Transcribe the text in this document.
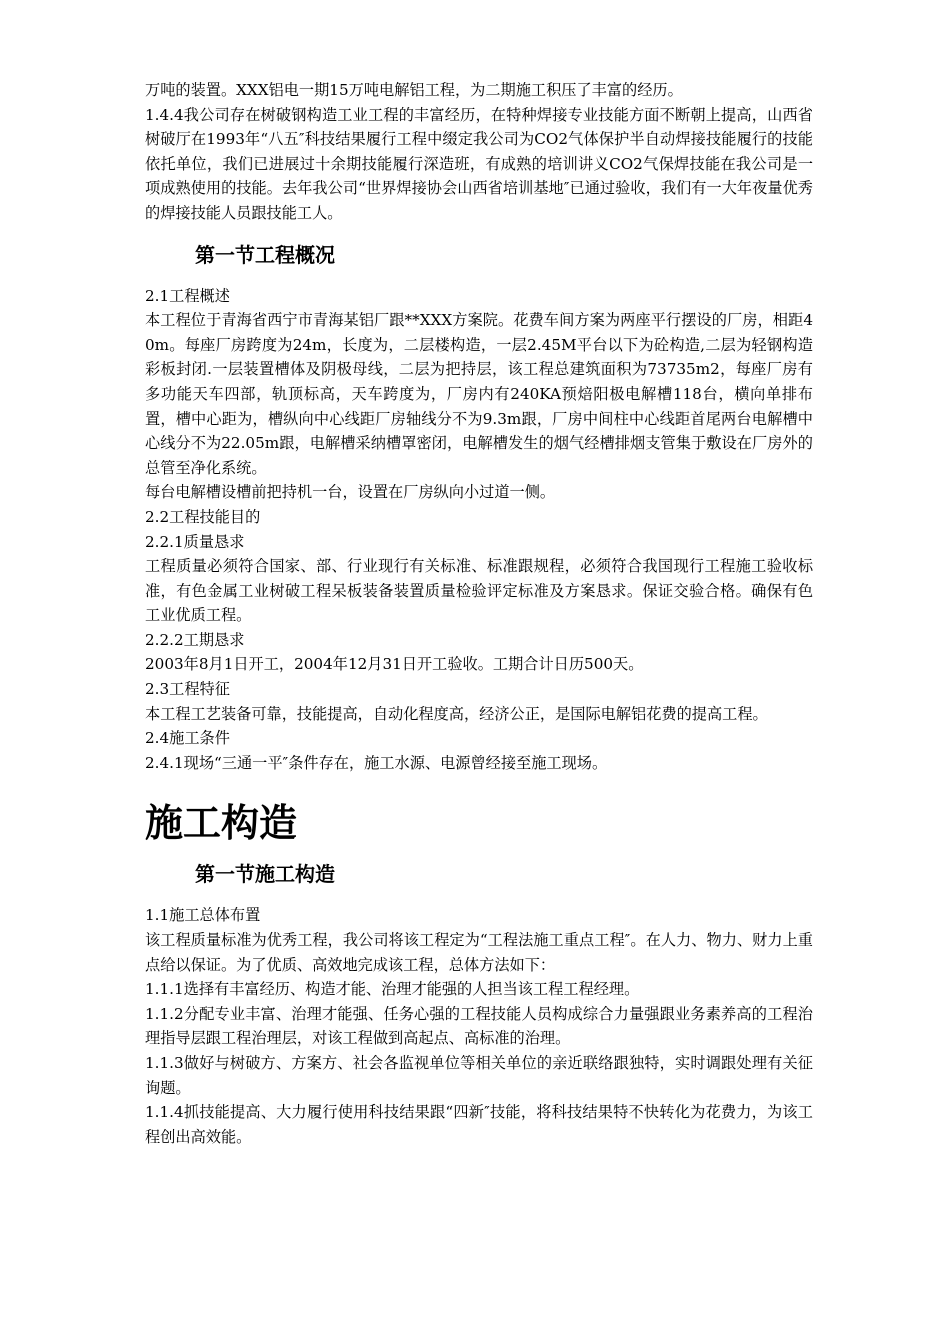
万吨的装置。XXX铝电一期15万吨电解铝工程，为二期施工积压了丰富的经历。

1.4.4我公司存在树破钢构造工业工程的丰富经历，在特种焊接专业技能方面不断朝上提高，山西省树破厅在1993年“八五″科技结果履行工程中缀定我公司为CO2气体保护半自动焊接技能履行的技能依托单位，我们已进展过十余期技能履行深造班，有成熟的培训讲义CO2气保焊技能在我公司是一项成熟使用的技能。去年我公司“世界焊接协会山西省培训基地″已通过验收，我们有一大年夜量优秀的焊接技能人员跟技能工人。

第一节工程概况

2.1工程概述

本工程位于青海省西宁市青海某铝厂跟**XXX方案院。花费车间方案为两座平行摆设的厂房，相距40m。每座厂房跨度为24m，长度为，二层楼构造，一层2.45M平台以下为砼构造,二层为轻钢构造彩板封闭.一层装置槽体及阴极母线，二层为把持层，该工程总建筑面积为73735m2，每座厂房有多功能天车四部，轨顶标高，天车跨度为，厂房内有240KA预焙阳极电解槽118台，横向单排布置，槽中心距为，槽纵向中心线距厂房轴线分不为9.3m跟，厂房中间柱中心线距首尾两台电解槽中心线分不为22.05m跟，电解槽采纳槽罩密闭，电解槽发生的烟气经槽排烟支管集于敷设在厂房外的总管至净化系统。

每台电解槽设槽前把持机一台，设置在厂房纵向小过道一侧。

2.2工程技能目的

2.2.1质量恳求

工程质量必须符合国家、部、行业现行有关标准、标准跟规程，必须符合我国现行工程施工验收标准，有色金属工业树破工程呆板装备装置质量检验评定标准及方案恳求。保证交验合格。确保有色工业优质工程。

2.2.2工期恳求

2003年8月1日开工，2004年12月31日开工验收。工期合计日历500天。

2.3工程特征

本工程工艺装备可靠，技能提高，自动化程度高，经济公正，是国际电解铝花费的提高工程。

2.4施工条件

2.4.1现场“三通一平″条件存在，施工水源、电源曾经接至施工现场。

施工构造
第一节施工构造

1.1施工总体布置

该工程质量标准为优秀工程，我公司将该工程定为“工程法施工重点工程″。在人力、物力、财力上重点给以保证。为了优质、高效地完成该工程，总体方法如下：

1.1.1选择有丰富经历、构造才能、治理才能强的人担当该工程工程经理。

1.1.2分配专业丰富、治理才能强、任务心强的工程技能人员构成综合力量强跟业务素养高的工程治理指导层跟工程治理层，对该工程做到高起点、高标准的治理。

1.1.3做好与树破方、方案方、社会各监视单位等相关单位的亲近联络跟独特，实时调跟处理有关征询题。

1.1.4抓技能提高、大力履行使用科技结果跟“四新″技能，将科技结果特不快转化为花费力，为该工程创出高效能。
